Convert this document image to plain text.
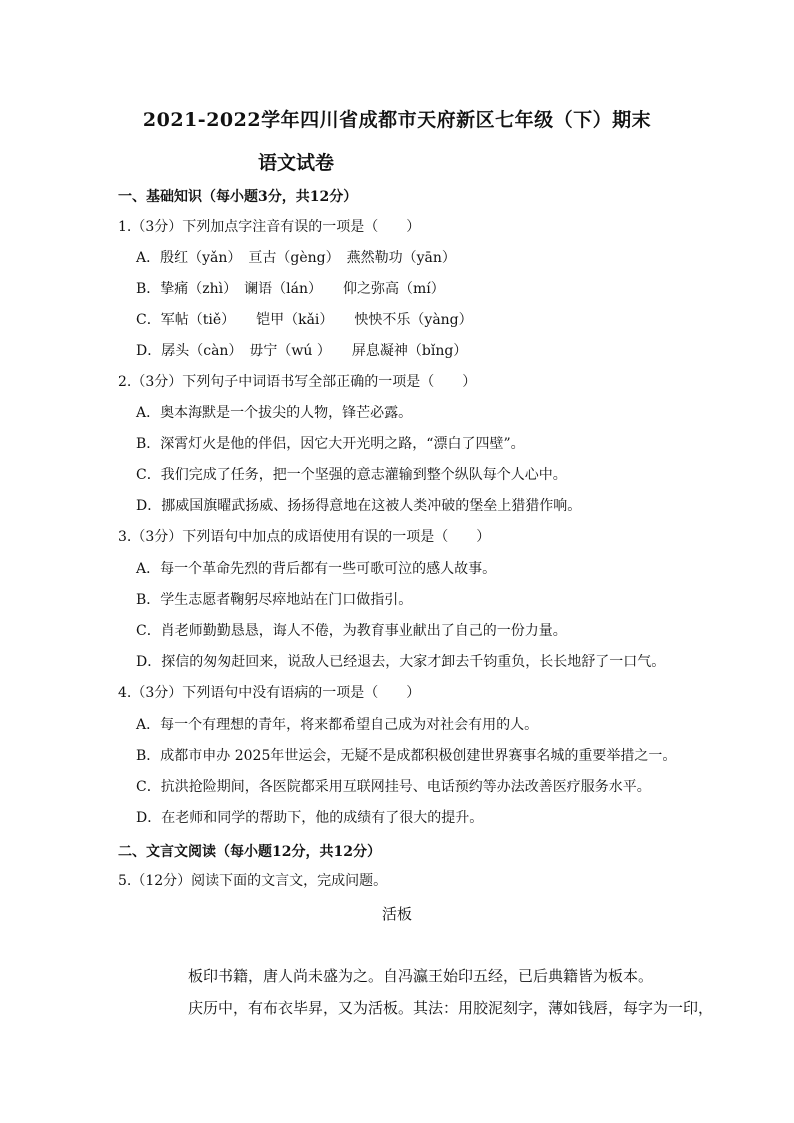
2021-2022学年四川省成都市天府新区七年级（下）期末
语文试卷
一、基础知识（每小题3分，共12分）
1.（3分）下列加点字注音有误的一项是（　　）
A．殷红（yǎn）　亘古（gèng）　燕然勒功（yān）
B．挚痛（zhì）　谰语（lán）　　仰之弥高（mí）
C．军帖（tiě）　　铠甲（kǎi）　　怏怏不乐（yàng）
D．孱头（càn）　毋宁（wú ）　　屏息凝神（bǐng）
2.（3分）下列句子中词语书写全部正确的一项是（　　）
A．奥本海默是一个拔尖的人物，锋芒必露。
B．深霄灯火是他的伴侣，因它大开光明之路，“漂白了四壁”。
C．我们完成了任务，把一个坚强的意志灌输到整个纵队每个人心中。
D．挪威国旗曜武扬威、扬扬得意地在这被人类冲破的堡垒上猎猎作响。
3.（3分）下列语句中加点的成语使用有误的一项是（　　）
A．每一个革命先烈的背后都有一些可歌可泣的感人故事。
B．学生志愿者鞠躬尽瘁地站在门口做指引。
C．肖老师勤勤恳恳，诲人不倦，为教育事业献出了自己的一份力量。
D．探信的匆匆赶回来，说敌人已经退去，大家才卸去千钧重负，长长地舒了一口气。
4.（3分）下列语句中没有语病的一项是（　　）
A．每一个有理想的青年，将来都希望自己成为对社会有用的人。
B．成都市申办 2025年世运会，无疑不是成都积极创建世界赛事名城的重要举措之一。
C．抗洪抢险期间，各医院都采用互联网挂号、电话预约等办法改善医疗服务水平。
D．在老师和同学的帮助下，他的成绩有了很大的提升。
二、文言文阅读（每小题12分，共12分）
5.（12分）阅读下面的文言文，完成问题。
活板
板印书籍，唐人尚未盛为之。自冯瀛王始印五经，已后典籍皆为板本。
庆历中，有布衣毕昇，又为活板。其法：用胶泥刻字，薄如钱唇，每字为一印，
